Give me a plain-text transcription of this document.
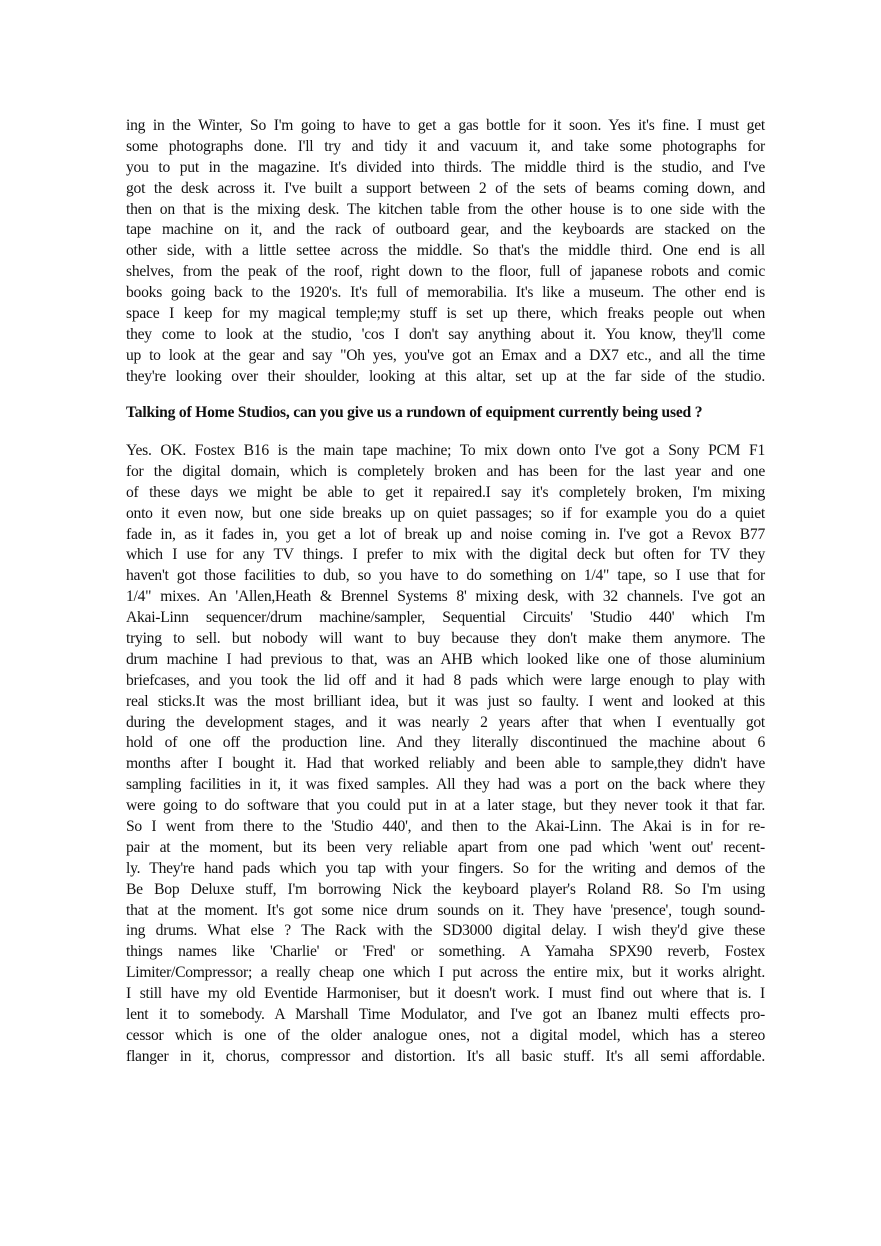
ing in the Winter, So I'm going to have to get a gas bottle for it soon. Yes it's fine. I must get
some photographs done. I'll try and tidy it and vacuum it, and take some photographs for
you to put in the magazine. It's divided into thirds. The middle third is the studio, and I've
got the desk across it. I've built a support between 2 of the sets of beams coming down, and
then on that is the mixing desk. The kitchen table from the other house is to one side with the
tape machine on it, and the rack of outboard gear, and the keyboards are stacked on the
other side, with a little settee across the middle. So that's the middle third. One end is all
shelves, from the peak of the roof, right down to the floor, full of japanese robots and comic
books going back to the 1920's. It's full of memorabilia. It's like a museum. The other end is
space I keep for my magical temple;my stuff is set up there, which freaks people out when
they come to look at the studio, 'cos I don't say anything about it. You know, they'll come
up to look at the gear and say "Oh yes, you've got an Emax and a DX7 etc., and all the time
they're looking over their shoulder, looking at this altar, set up at the far side of the studio.
Talking of Home Studios, can you give us a rundown of equipment currently being used ?
Yes. OK. Fostex B16 is the main tape machine; To mix down onto I've got a Sony PCM F1
for the digital domain, which is completely broken and has been for the last year and one
of these days we might be able to get it repaired.I say it's completely broken, I'm mixing
onto it even now, but one side breaks up on quiet passages; so if for example you do a quiet
fade in, as it fades in, you get a lot of break up and noise coming in. I've got a Revox B77
which I use for any TV things. I prefer to mix with the digital deck but often for TV they
haven't got those facilities to dub, so you have to do something on 1/4" tape, so I use that for
1/4" mixes. An 'Allen,Heath & Brennel Systems 8' mixing desk, with 32 channels. I've got an
Akai-Linn sequencer/drum machine/sampler, Sequential Circuits' 'Studio 440' which I'm
trying to sell. but nobody will want to buy because they don't make them anymore. The
drum machine I had previous to that, was an AHB which looked like one of those aluminium
briefcases, and you took the lid off and it had 8 pads which were large enough to play with
real sticks.It was the most brilliant idea, but it was just so faulty. I went and looked at this
during the development stages, and it was nearly 2 years after that when I eventually got
hold of one off the production line. And they literally discontinued the machine about 6
months after I bought it. Had that worked reliably and been able to sample,they didn't have
sampling facilities in it, it was fixed samples. All they had was a port on the back where they
were going to do software that you could put in at a later stage, but they never took it that far.
So I went from there to the 'Studio 440', and then to the Akai-Linn. The Akai is in for re-
pair at the moment, but its been very reliable apart from one pad which 'went out' recent-
ly. They're hand pads which you tap with your fingers. So for the writing and demos of the
Be Bop Deluxe stuff, I'm borrowing Nick the keyboard player's Roland R8. So I'm using
that at the moment. It's got some nice drum sounds on it. They have 'presence', tough sound-
ing drums. What else ? The Rack with the SD3000 digital delay. I wish they'd give these
things names like 'Charlie' or 'Fred' or something. A Yamaha SPX90 reverb, Fostex
Limiter/Compressor; a really cheap one which I put across the entire mix, but it works alright.
I still have my old Eventide Harmoniser, but it doesn't work. I must find out where that is. I
lent it to somebody. A Marshall Time Modulator, and I've got an Ibanez multi effects pro-
cessor which is one of the older analogue ones, not a digital model, which has a stereo
flanger in it, chorus, compressor and distortion. It's all basic stuff. It's all semi affordable.
